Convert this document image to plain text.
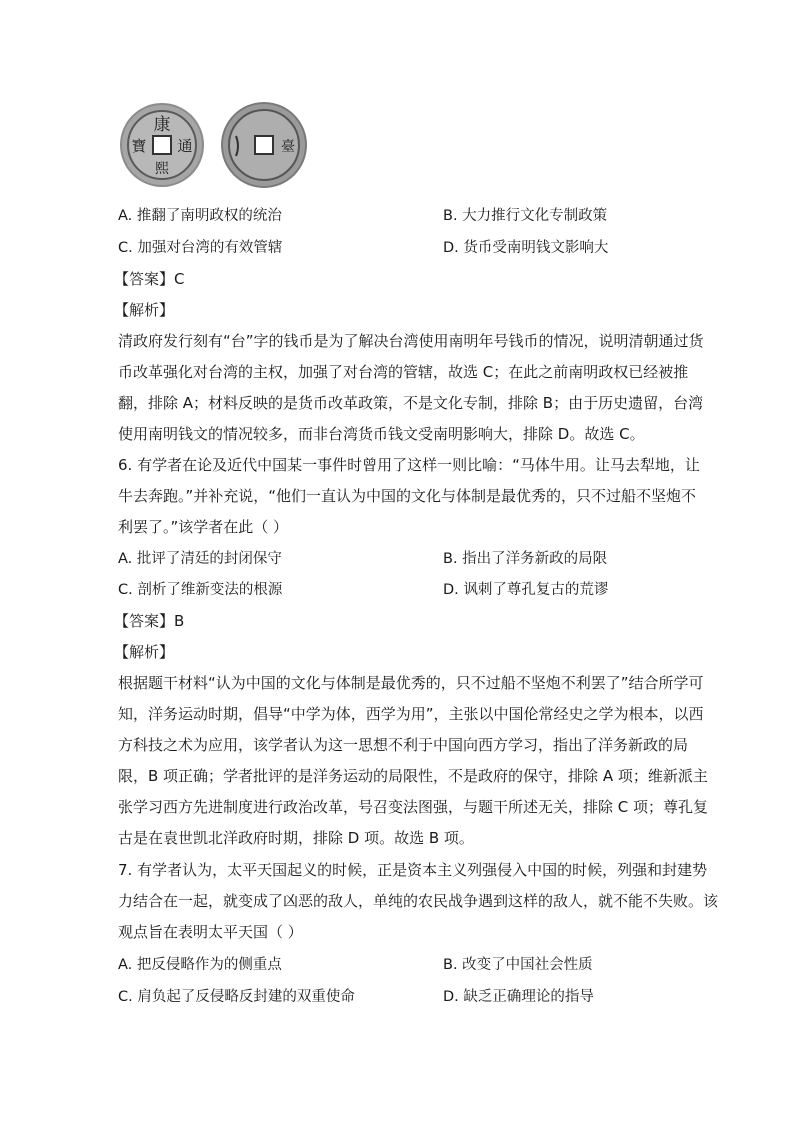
康
熙
通
寶	臺
A. 推翻了南明政权的统治	B. 大力推行文化专制政策
C. 加强对台湾的有效管辖	D. 货币受南明钱文影响大
【答案】C
【解析】
清政府发行刻有“台”字的钱币是为了解决台湾使用南明年号钱币的情况，说明清朝通过货
币改革强化对台湾的主权，加强了对台湾的管辖，故选 C；在此之前南明政权已经被推
翻，排除 A；材料反映的是货币改革政策，不是文化专制，排除 B；由于历史遗留，台湾
使用南明钱文的情况较多，而非台湾货币钱文受南明影响大，排除 D。故选 C。
6. 有学者在论及近代中国某一事件时曾用了这样一则比喻：“马体牛用。让马去犁地，让
牛去奔跑。”并补充说，“他们一直认为中国的文化与体制是最优秀的，只不过船不坚炮不
利罢了。”该学者在此（ ）
A. 批评了清廷的封闭保守	B. 指出了洋务新政的局限
C. 剖析了维新变法的根源	D. 讽刺了尊孔复古的荒谬
【答案】B
【解析】
根据题干材料“认为中国的文化与体制是最优秀的，只不过船不坚炮不利罢了”结合所学可
知，洋务运动时期，倡导“中学为体，西学为用”，主张以中国伦常经史之学为根本，以西
方科技之术为应用，该学者认为这一思想不利于中国向西方学习，指出了洋务新政的局
限，B 项正确；学者批评的是洋务运动的局限性，不是政府的保守，排除 A 项；维新派主
张学习西方先进制度进行政治改革，号召变法图强，与题干所述无关，排除 C 项；尊孔复
古是在袁世凯北洋政府时期，排除 D 项。故选 B 项。
7. 有学者认为，太平天国起义的时候，正是资本主义列强侵入中国的时候，列强和封建势
力结合在一起，就变成了凶恶的敌人，单纯的农民战争遇到这样的敌人，就不能不失败。该
观点旨在表明太平天国（ ）
A. 把反侵略作为的侧重点	B. 改变了中国社会性质
C. 肩负起了反侵略反封建的双重使命	D. 缺乏正确理论的指导
